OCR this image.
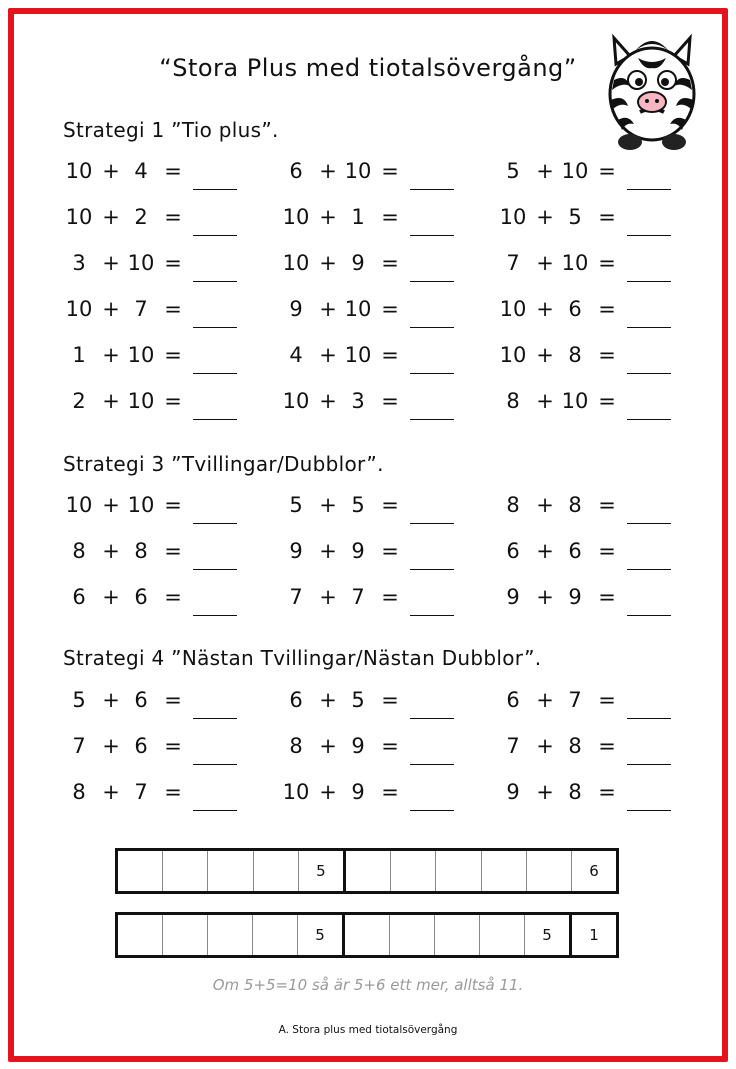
“Stora Plus med tiotalsövergång”
Strategi 1 ”Tio plus”.
10 + 4 =	6 + 10 =	5 + 10 =
10 + 2 =	10 + 1 =	10 + 5 =
3 + 10 =	10 + 9 =	7 + 10 =
10 + 7 =	9 + 10 =	10 + 6 =
1 + 10 =	4 + 10 =	10 + 8 =
2 + 10 =	10 + 3 =	8 + 10 =
Strategi 3 ”Tvillingar/Dubblor”.
10 + 10 =	5 + 5 =	8 + 8 =
8 + 8 =	9 + 9 =	6 + 6 =
6 + 6 =	7 + 7 =	9 + 9 =
Strategi 4 ”Nästan Tvillingar/Nästan Dubblor”.
5 + 6 =	6 + 5 =	6 + 7 =
7 + 6 =	8 + 9 =	7 + 8 =
8 + 7 =	10 + 9 =	9 + 8 =
5	6
5	5	1
Om 5+5=10 så är 5+6 ett mer, alltså 11.
A. Stora plus med tiotalsövergång
